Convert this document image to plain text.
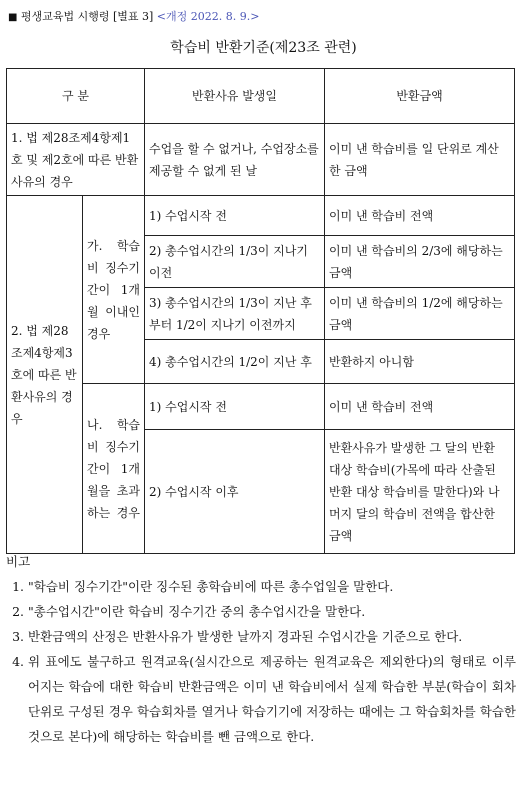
■ 평생교육법 시행령 [별표 3] <개정 2022. 8. 9.>
학습비 반환기준(제23조 관련)
구 분		반환사유 발생일	반환금액
1. 법 제28조제4항제1호 및 제2호에 따른 반환사유의 경우		수업을 할 수 없거나, 수업장소를 제공할 수 없게 된 날	이미 낸 학습비를 일 단위로 계산한 금액
2. 법 제28조제4항제3호에 따른 반환사유의 경우	가. 학습비 징수기간이 1개월 이내인 경우	1) 수업시작 전	이미 낸 학습비 전액
		2) 총수업시간의 1/3이 지나기 이전	이미 낸 학습비의 2/3에 해당하는 금액
		3) 총수업시간의 1/3이 지난 후부터 1/2이 지나기 이전까지	이미 낸 학습비의 1/2에 해당하는 금액
		4) 총수업시간의 1/2이 지난 후	반환하지 아니함
	나. 학습비 징수기간이 1개월을 초과하는 경우	1) 수업시작 전	이미 낸 학습비 전액
		2) 수업시작 이후	반환사유가 발생한 그 달의 반환 대상 학습비(가목에 따라 산출된 반환 대상 학습비를 말한다)와 나머지 달의 학습비 전액을 합산한 금액
비고
1. "학습비 징수기간"이란 징수된 총학습비에 따른 총수업일을 말한다.
2. "총수업시간"이란 학습비 징수기간 중의 총수업시간을 말한다.
3. 반환금액의 산정은 반환사유가 발생한 날까지 경과된 수업시간을 기준으로 한다.
4. 위 표에도 불구하고 원격교육(실시간으로 제공하는 원격교육은 제외한다)의 형태로 이루어지는 학습에 대한 학습비 반환금액은 이미 낸 학습비에서 실제 학습한 부분(학습이 회차 단위로 구성된 경우 학습회차를 열거나 학습기기에 저장하는 때에는 그 학습회차를 학습한 것으로 본다)에 해당하는 학습비를 뺀 금액으로 한다.
